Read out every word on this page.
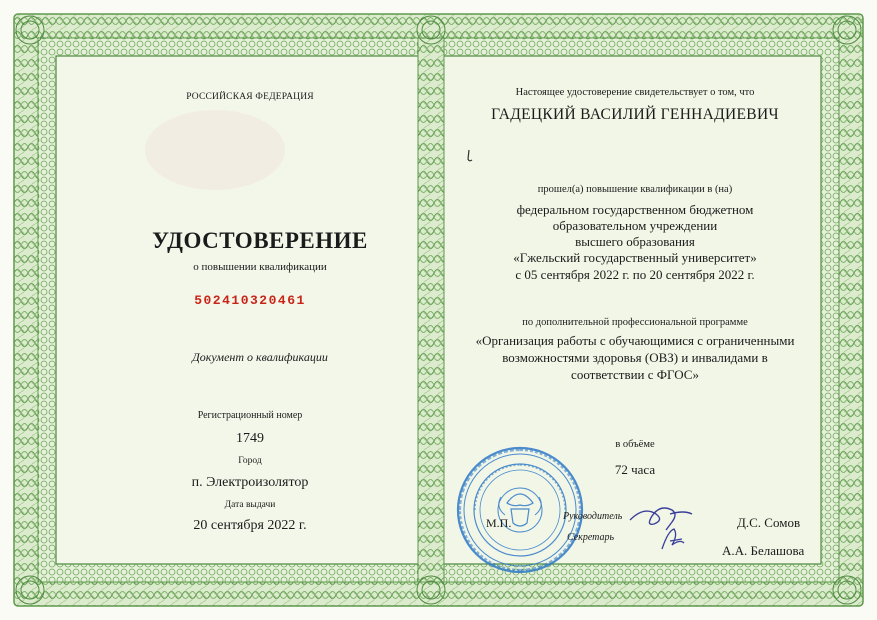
РОССИЙСКАЯ ФЕДЕРАЦИЯ
УДОСТОВЕРЕНИЕ
о повышении квалификации
502410320461
Документ о квалификации
Регистрационный номер
1749
Город
п. Электроизолятор
Дата выдачи
20 сентября 2022 г.
Настоящее удостоверение свидетельствует о том, что
ГАДЕЦКИЙ ВАСИЛИЙ ГЕННАДИЕВИЧ
прошел(а) повышение квалификации в (на)
федеральном государственном бюджетном
образовательном учреждении
высшего образования
«Гжельский государственный университет»
с 05 сентября 2022 г. по 20 сентября 2022 г.
по дополнительной профессиональной программе
«Организация работы с обучающимися с ограниченными
возможностями здоровья (ОВЗ) и инвалидами в
соответствии с ФГОС»
в объёме
72 часа
М.П.	Руководитель
Секретарь
Д.С. Сомов
А.А. Белашова
